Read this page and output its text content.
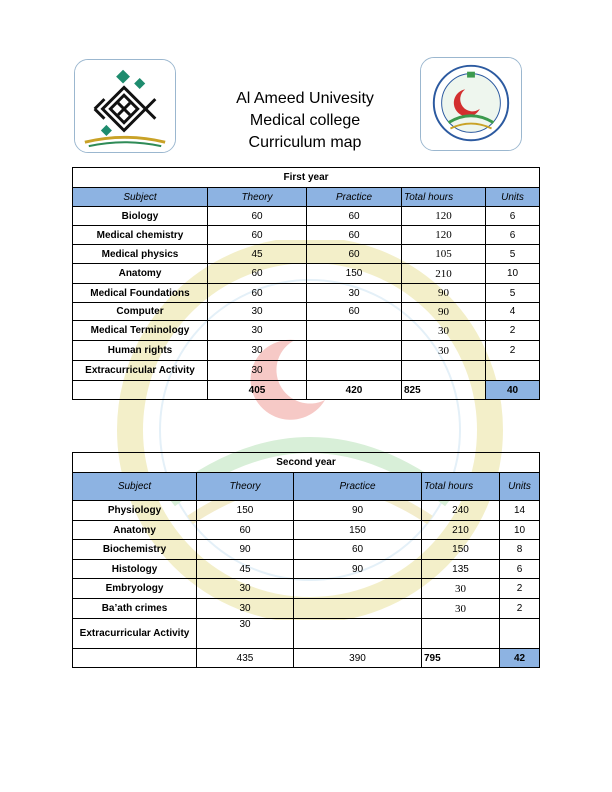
Al Ameed Univesity
Medical college
Curriculum map
First year				
Subject	Theory	Practice	Total hours	Units
Biology	60	60	120	6
Medical chemistry	60	60	120	6
Medical physics	45	60	105	5
Anatomy	60	150	210	10
Medical Foundations	60	30	90	5
Computer	30	60	90	4
Medical Terminology	30		30	2
Human rights	30		30	2
Extracurricular Activity	30			
	405	420	825	40
Second year				
Subject	Theory	Practice	Total hours	Units
Physiology	150	90	240	14
Anatomy	60	150	210	10
Biochemistry	90	60	150	8
Histology	45	90	135	6
Embryology	30		30	2
Ba’ath crimes	30		30	2
Extracurricular Activity	30			
	435	390	795	42
